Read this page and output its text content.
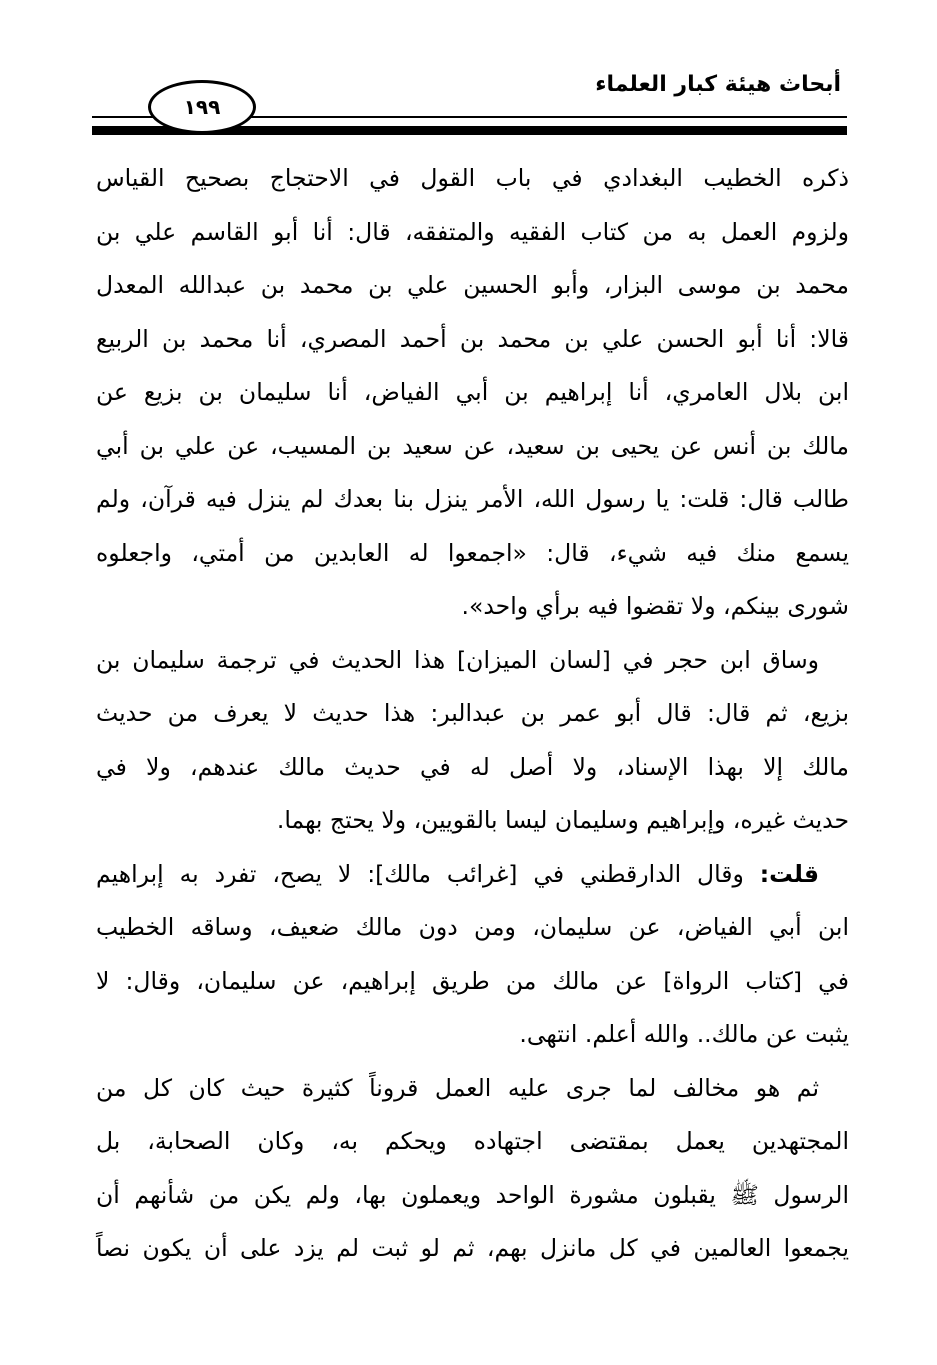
أبحاث هيئة كبار العلماء
١٩٩
ذكره الخطيب البغدادي في باب القول في الاحتجاج بصحيح القياس
ولزوم العمل به من كتاب الفقيه والمتفقه، قال: أنا أبو القاسم علي بن
محمد بن موسى البزار، وأبو الحسين علي بن محمد بن عبدالله المعدل
قالا: أنا أبو الحسن علي بن محمد بن أحمد المصري، أنا محمد بن الربيع
ابن بلال العامري، أنا إبراهيم بن أبي الفياض، أنا سليمان بن بزيع عن
مالك بن أنس عن يحيى بن سعيد، عن سعيد بن المسيب، عن علي بن أبي
طالب قال: قلت: يا رسول الله، الأمر ينزل بنا بعدك لم ينزل فيه قرآن، ولم
يسمع منك فيه شيء، قال: «اجمعوا له العابدين من أمتي، واجعلوه
شورى بينكم، ولا تقضوا فيه برأي واحد».
وساق ابن حجر في [لسان الميزان] هذا الحديث في ترجمة سليمان بن
بزيع، ثم قال: قال أبو عمر بن عبدالبر: هذا حديث لا يعرف من حديث
مالك إلا بهذا الإسناد، ولا أصل له في حديث مالك عندهم، ولا في
حديث غيره، وإبراهيم وسليمان ليسا بالقويين، ولا يحتج بهما.
قلت: وقال الدارقطني في [غرائب مالك]: لا يصح، تفرد به إبراهيم
ابن أبي الفياض، عن سليمان، ومن دون مالك ضعيف، وساقه الخطيب
في [كتاب الرواة] عن مالك من طريق إبراهيم، عن سليمان، وقال: لا
يثبت عن مالك.. والله أعلم. انتهى.
ثم هو مخالف لما جرى عليه العمل قروناً كثيرة حيث كان كل من
المجتهدين يعمل بمقتضى اجتهاده ويحكم به، وكان الصحابة، بل
الرسول ﷺ يقبلون مشورة الواحد ويعملون بها، ولم يكن من شأنهم أن
يجمعوا العالمين في كل مانزل بهم، ثم لو ثبت لم يزد على أن يكون نصاً
